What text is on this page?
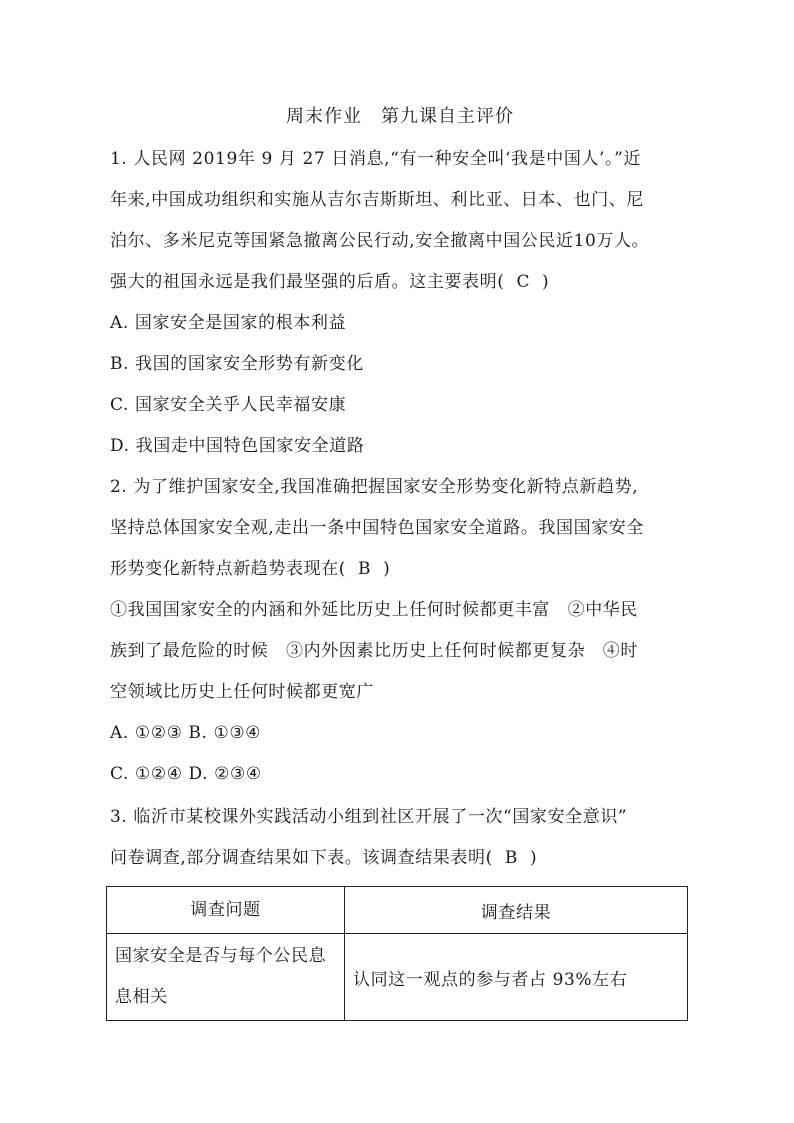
周末作业　第九课自主评价
1. 人民网 2019年 9 月 27 日消息,“有一种安全叫‘我是中国人’。”近
年来,中国成功组织和实施从吉尔吉斯斯坦、利比亚、日本、也门、尼
泊尔、多米尼克等国紧急撤离公民行动,安全撤离中国公民近10万人。
强大的祖国永远是我们最坚强的后盾。这主要表明( C )
A. 国家安全是国家的根本利益
B. 我国的国家安全形势有新变化
C. 国家安全关乎人民幸福安康
D. 我国走中国特色国家安全道路
2. 为了维护国家安全,我国准确把握国家安全形势变化新特点新趋势,
坚持总体国家安全观,走出一条中国特色国家安全道路。我国国家安全
形势变化新特点新趋势表现在( B )
①我国国家安全的内涵和外延比历史上任何时候都更丰富　②中华民
族到了最危险的时候　③内外因素比历史上任何时候都更复杂　④时
空领域比历史上任何时候都更宽广
A. ①②③ B. ①③④
C. ①②④ D. ②③④
3. 临沂市某校课外实践活动小组到社区开展了一次“国家安全意识”
问卷调查,部分调查结果如下表。该调查结果表明( B )
调查问题	调查结果
国家安全是否与每个公民息息相关	认同这一观点的参与者占 93%左右
